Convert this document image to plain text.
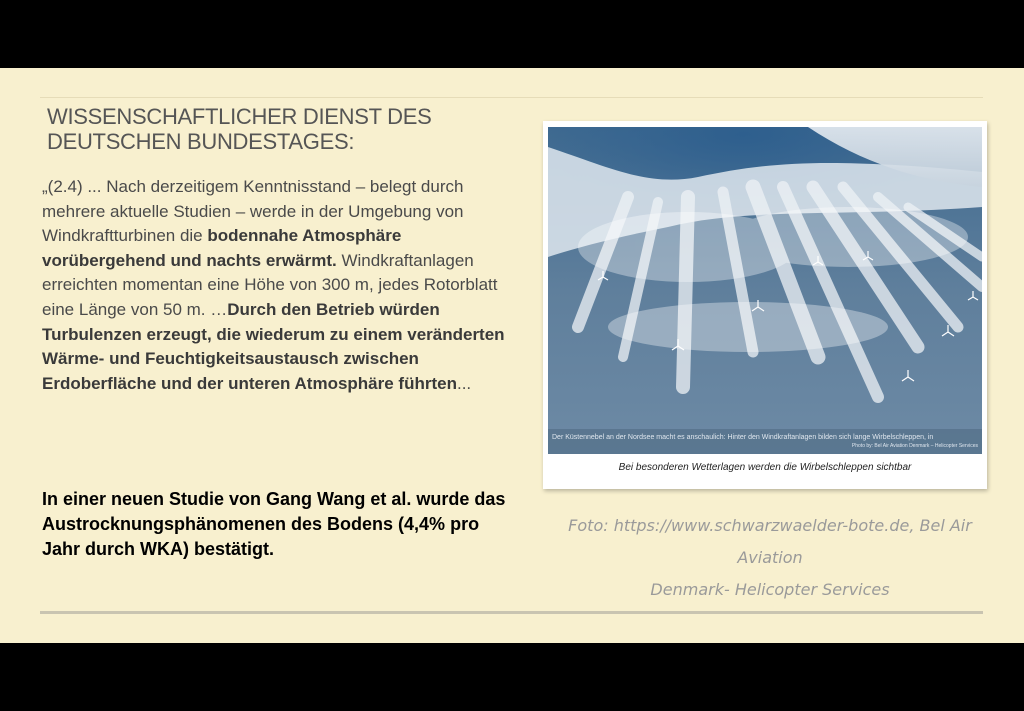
WISSENSCHAFTLICHER DIENST DES
DEUTSCHEN BUNDESTAGES:
„(2.4) ... Nach derzeitigem Kenntnisstand – belegt durch mehrere aktuelle Studien – werde in der Umgebung von Windkraftturbinen die bodennahe Atmosphäre vorübergehend und nachts erwärmt. Windkraftanlagen erreichten momentan eine Höhe von 300 m, jedes Rotorblatt eine Länge von 50 m. …Durch den Betrieb würden Turbulenzen erzeugt, die wiederum zu einem veränderten Wärme- und Feuchtigkeitsaustausch zwischen Erdoberfläche und der unteren Atmosphäre führten...
In einer neuen Studie von Gang Wang et al. wurde das Austrocknungsphänomenen des Bodens (4,4% pro Jahr durch WKA) bestätigt.
Der Küstennebel an der Nordsee macht es anschaulich: Hinter den Windkraftanlagen bilden sich lange Wirbelschleppen, in
Photo by: Bel Air Aviation Denmark – Helicopter Services
Bei besonderen Wetterlagen werden die Wirbelschleppen sichtbar
Foto: https://www.schwarzwaelder-bote.de, Bel Air Aviation
Denmark- Helicopter Services
